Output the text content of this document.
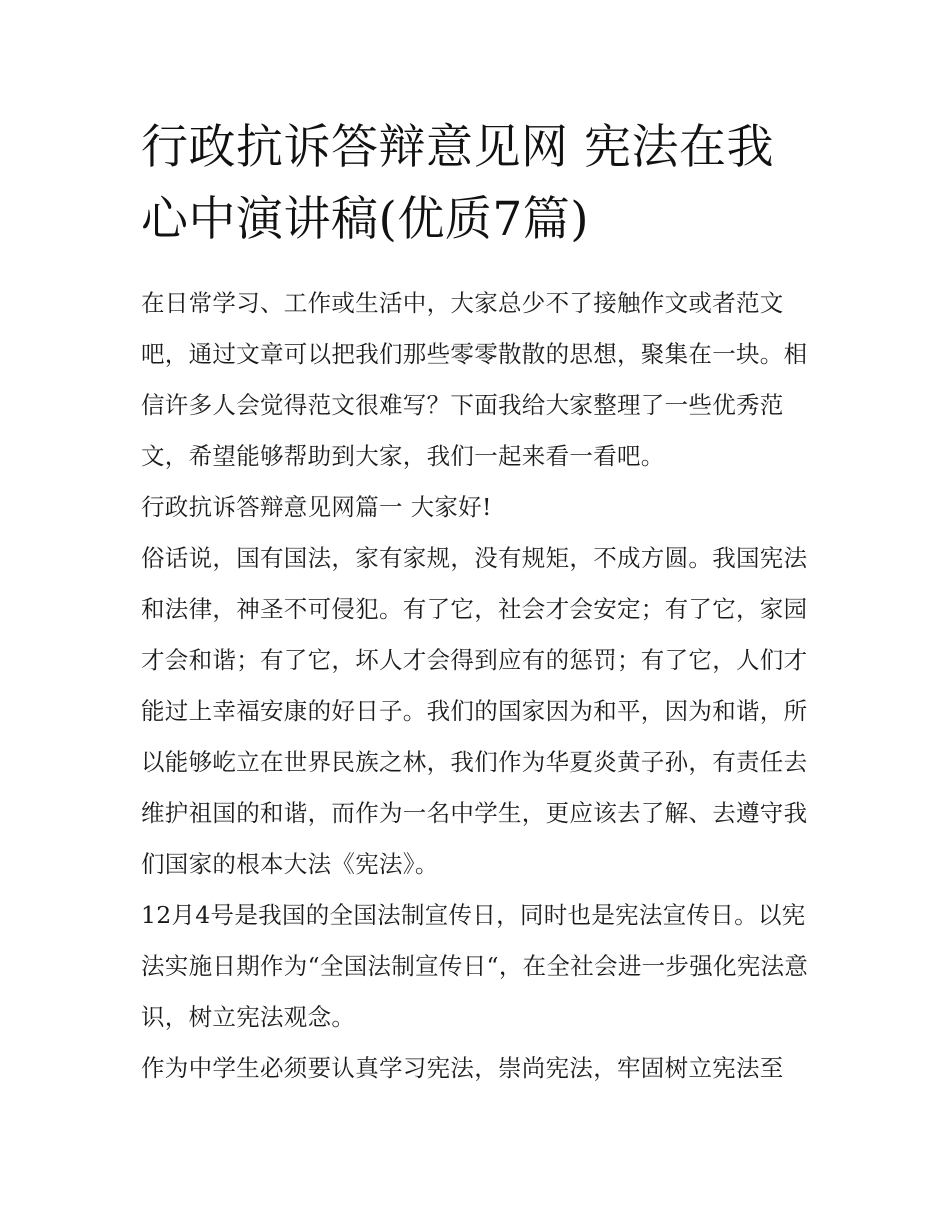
行政抗诉答辩意见网 宪法在我心中演讲稿(优质7篇)

在日常学习、工作或生活中，大家总少不了接触作文或者范文吧，通过文章可以把我们那些零零散散的思想，聚集在一块。相信许多人会觉得范文很难写？下面我给大家整理了一些优秀范文，希望能够帮助到大家，我们一起来看一看吧。

行政抗诉答辩意见网篇一 大家好!

俗话说，国有国法，家有家规，没有规矩，不成方圆。我国宪法和法律，神圣不可侵犯。有了它，社会才会安定；有了它，家园才会和谐；有了它，坏人才会得到应有的惩罚；有了它，人们才能过上幸福安康的好日子。我们的国家因为和平，因为和谐，所以能够屹立在世界民族之林，我们作为华夏炎黄子孙，有责任去维护祖国的和谐，而作为一名中学生，更应该去了解、去遵守我们国家的根本大法《宪法》。

12月4号是我国的全国法制宣传日，同时也是宪法宣传日。以宪法实施日期作为“全国法制宣传日“，在全社会进一步强化宪法意识，树立宪法观念。

作为中学生必须要认真学习宪法，崇尚宪法，牢固树立宪法至
